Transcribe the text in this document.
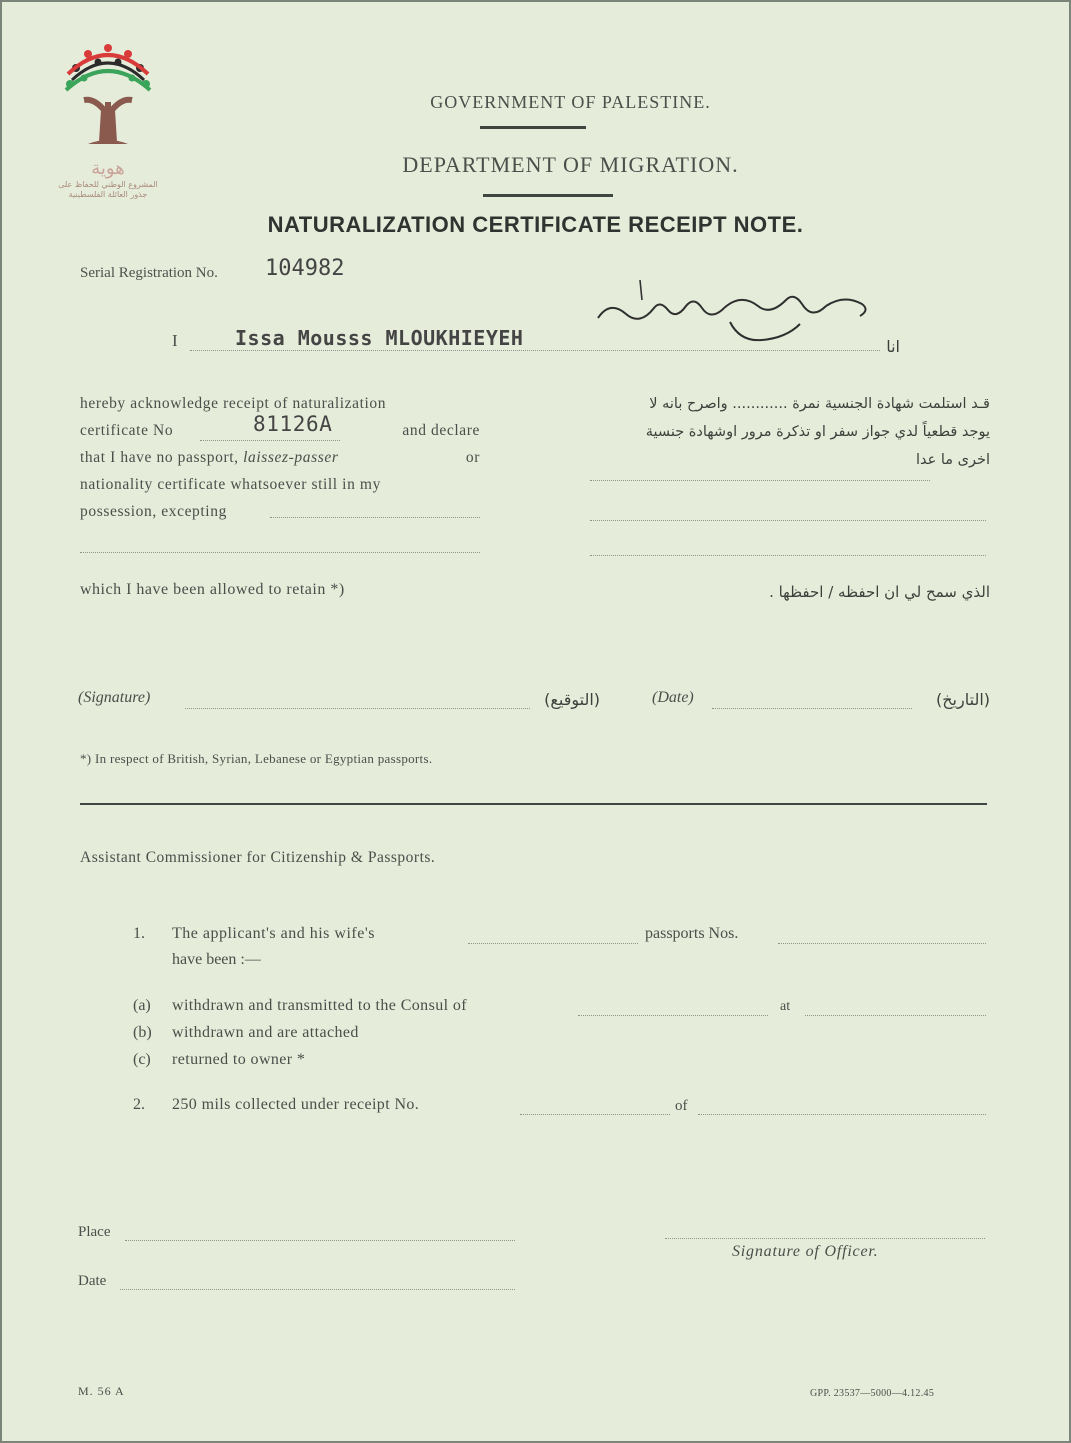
هوية
المشروع الوطني للحفاظ على
جذور العائلة الفلسطينية
GOVERNMENT OF PALESTINE.
DEPARTMENT OF MIGRATION.
NATURALIZATION CERTIFICATE RECEIPT NOTE.
Serial Registration No. 104982
I	Issa Mousss MLOUKHIEYEH	انا
hereby acknowledge receipt of naturalization
certificate No	81126A	and declare
that I have no passport, laissez-passer	or
nationality certificate whatsoever still in my
possession, excepting
قـد استلمت شهادة الجنسية نمرة ............ واصرح بانه لا
يوجد قطعياً لدي جواز سفر او تذكرة مرور اوشهادة جنسية
اخرى ما عدا
which I have been allowed to retain *)	الذي سمح لي ان احفظه / احفظها .
(Signature)	(التوقيع)	(Date)	(التاريخ)
*) In respect of British, Syrian, Lebanese or Egyptian passports.
Assistant Commissioner for Citizenship & Passports.
1. The applicant's and his wife's	passports Nos.
have been :—
(a) withdrawn and transmitted to the Consul of	at
(b) withdrawn and are attached
(c) returned to owner *
2. 250 mils collected under receipt No.	of
Place
Date
Signature of Officer.
M. 56 A	GPP. 23537—5000—4.12.45
